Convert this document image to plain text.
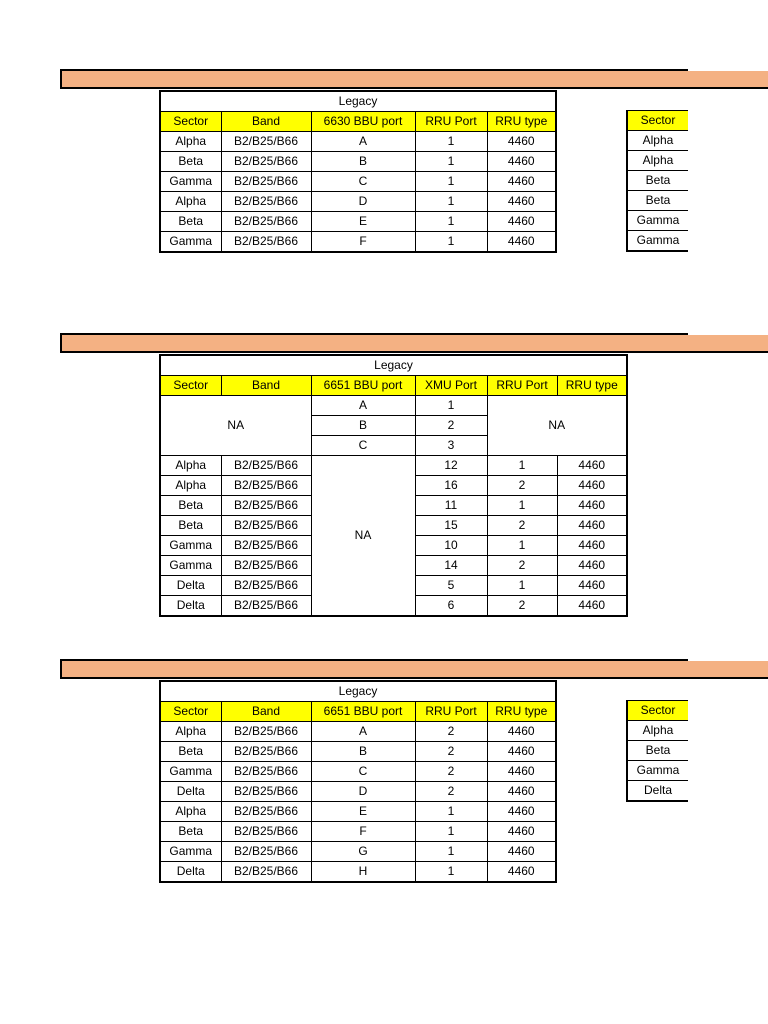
Legacy				
Sector	Band	6630 BBU port	RRU Port	RRU type
Alpha	B2/B25/B66	A	1	4460
Beta	B2/B25/B66	B	1	4460
Gamma	B2/B25/B66	C	1	4460
Alpha	B2/B25/B66	D	1	4460
Beta	B2/B25/B66	E	1	4460
Gamma	B2/B25/B66	F	1	4460
Sector
Alpha
Alpha
Beta
Beta
Gamma
Gamma
Legacy					
Sector	Band	6651 BBU port	XMU Port	RRU Port	RRU type
NA		A	1	NA	
		B	2		
		C	3		
Alpha	B2/B25/B66	NA	12	1	4460
Alpha	B2/B25/B66		16	2	4460
Beta	B2/B25/B66		11	1	4460
Beta	B2/B25/B66		15	2	4460
Gamma	B2/B25/B66		10	1	4460
Gamma	B2/B25/B66		14	2	4460
Delta	B2/B25/B66		5	1	4460
Delta	B2/B25/B66		6	2	4460
Legacy				
Sector	Band	6651 BBU port	RRU Port	RRU type
Alpha	B2/B25/B66	A	2	4460
Beta	B2/B25/B66	B	2	4460
Gamma	B2/B25/B66	C	2	4460
Delta	B2/B25/B66	D	2	4460
Alpha	B2/B25/B66	E	1	4460
Beta	B2/B25/B66	F	1	4460
Gamma	B2/B25/B66	G	1	4460
Delta	B2/B25/B66	H	1	4460
Sector
Alpha
Beta
Gamma
Delta
